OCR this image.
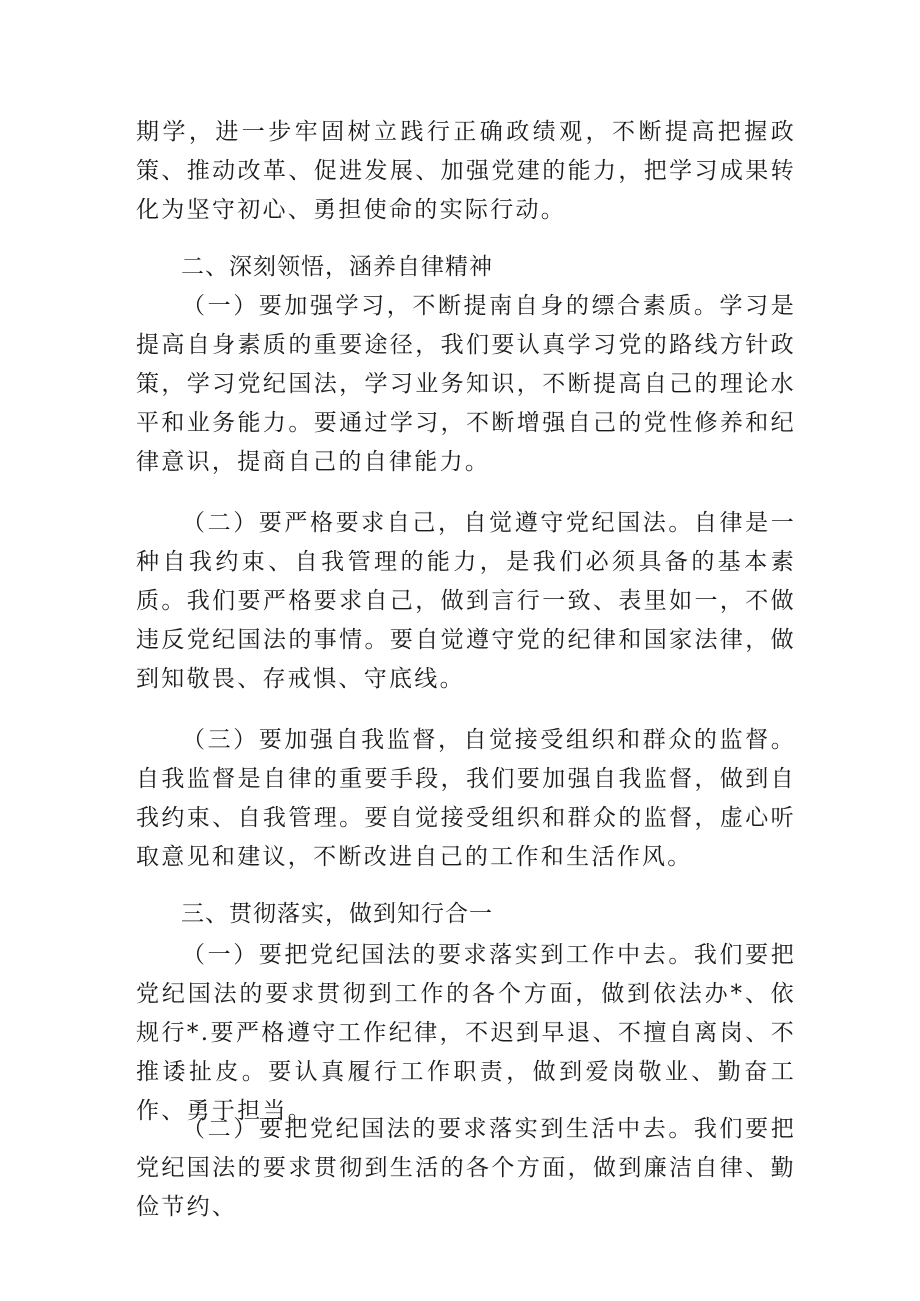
期学，进一步牢固树立践行正确政绩观，不断提高把握政策、推动改革、促进发展、加强党建的能力，把学习成果转化为坚守初心、勇担使命的实际行动。

二、深刻领悟，涵养自律精神

（一）要加强学习，不断提南自身的缥合素质。学习是提高自身素质的重要途径，我们要认真学习党的路线方针政策，学习党纪国法，学习业务知识，不断提高自己的理论水平和业务能力。要通过学习，不断增强自己的党性修养和纪律意识，提商自己的自律能力。

（二）要严格要求自己，自觉遵守党纪国法。自律是一种自我约束、自我管理的能力，是我们必须具备的基本素质。我们要严格要求自己，做到言行一致、表里如一，不做违反党纪国法的事情。要自觉遵守党的纪律和国家法律，做到知敬畏、存戒惧、守底线。

（三）要加强自我监督，自觉接受组织和群众的监督。自我监督是自律的重要手段，我们要加强自我监督，做到自我约束、自我管理。要自觉接受组织和群众的监督，虚心听取意见和建议，不断改进自己的工作和生活作风。

三、贯彻落实，做到知行合一

（一）要把党纪国法的要求落实到工作中去。我们要把党纪国法的要求贯彻到工作的各个方面，做到依法办*、依规行*.要严格遵守工作纪律，不迟到早退、不擅自离岗、不推诿扯皮。要认真履行工作职责，做到爱岗敬业、勤奋工作、勇于担当。

（二）要把党纪国法的要求落实到生活中去。我们要把党纪国法的要求贯彻到生活的各个方面，做到廉洁自律、勤俭节约、
